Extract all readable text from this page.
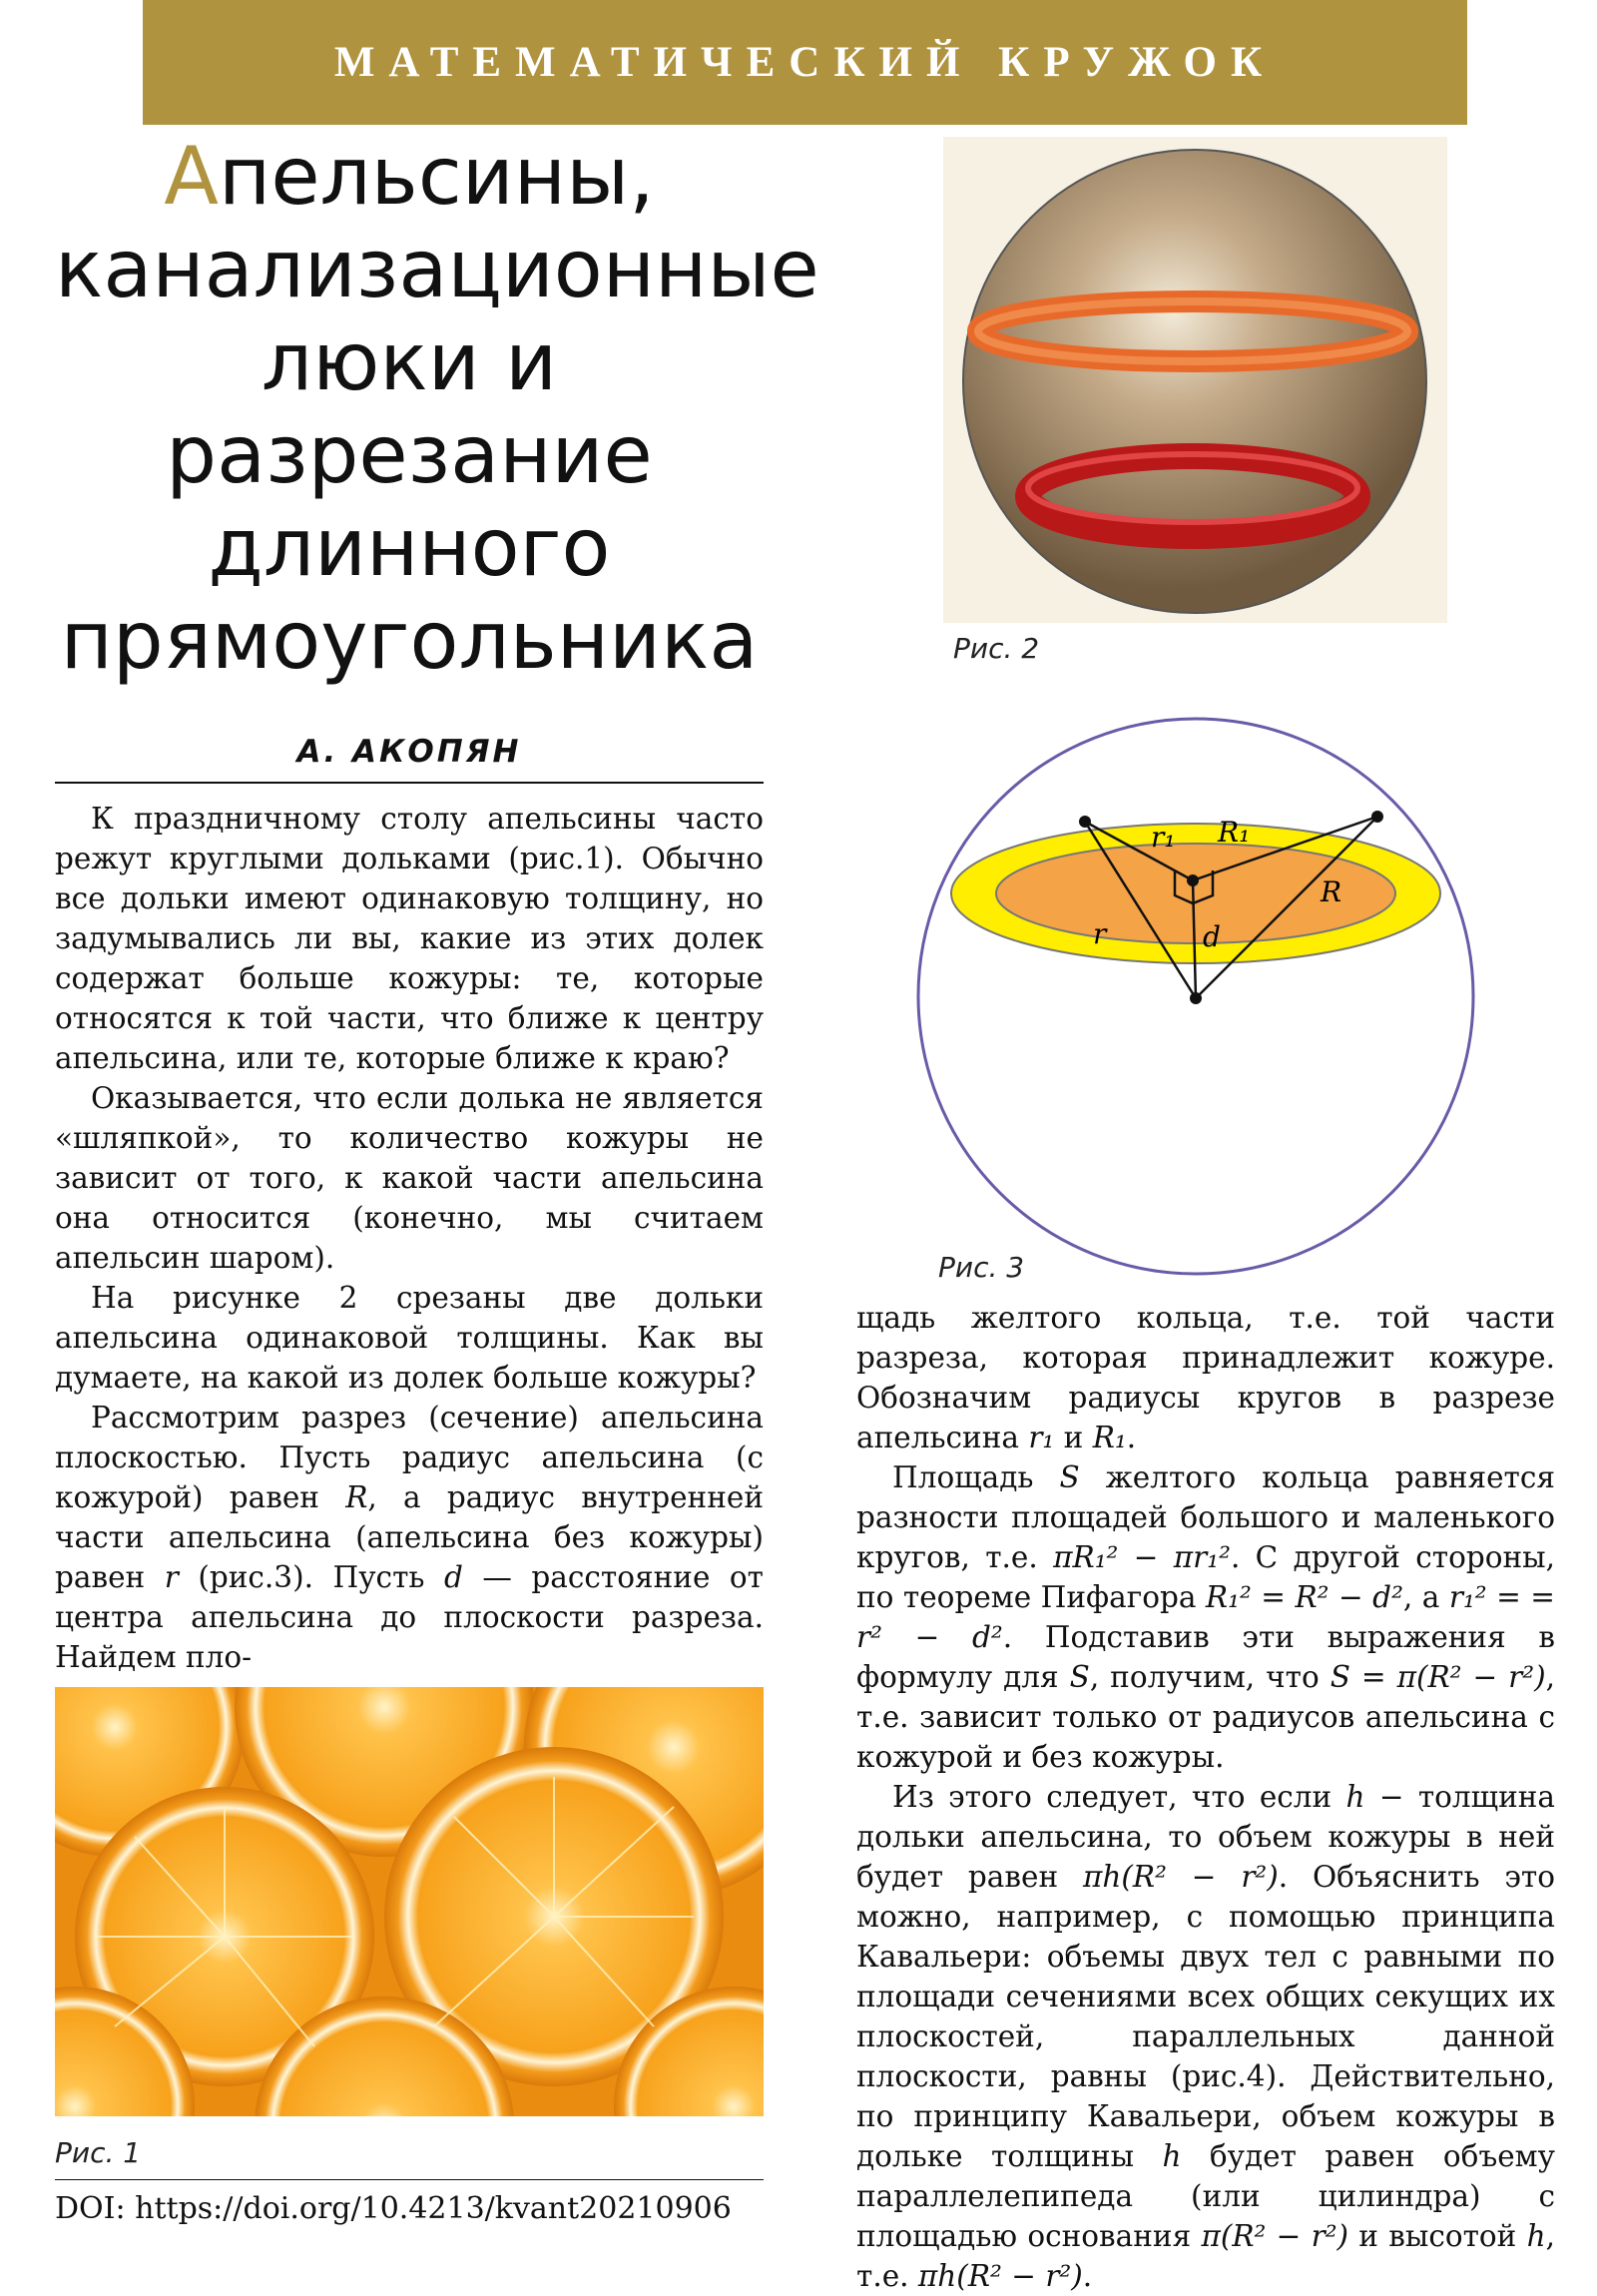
МАТЕМАТИЧЕСКИЙ КРУЖОК
Апельсины, канализационные люки и разрезание длинного прямоугольника
А. АКОПЯН

К праздничному столу апельсины часто режут круглыми дольками (рис.1). Обычно все дольки имеют одинаковую толщину, но задумывались ли вы, какие из этих долек содержат больше кожуры: те, которые относятся к той части, что ближе к центру апельсина, или те, которые ближе к краю?

Оказывается, что если долька не является «шляпкой», то количество кожуры не зависит от того, к какой части апельсина она относится (конечно, мы считаем апельсин шаром).

На рисунке 2 срезаны две дольки апельсина одинаковой толщины. Как вы думаете, на какой из долек больше кожуры?

Рассмотрим разрез (сечение) апельсина плоскостью. Пусть радиус апельсина (с кожурой) равен R, а радиус внутренней части апельсина (апельсина без кожуры) равен r (рис.3). Пусть d — расстояние от центра апельсина до плоскости разреза. Найдем пло-

Рис. 1
DOI: https://doi.org/10.4213/kvant20210906
Рис. 2
r₁ R₁
r
R
d
Рис. 3

щадь желтого кольца, т.е. той части разреза, которая принадлежит кожуре. Обозначим радиусы кругов в разрезе апельсина r₁ и R₁.

Площадь S желтого кольца равняется разности площадей большого и маленького кругов, т.е. πR₁² − πr₁². С другой стороны, по теореме Пифагора R₁² = R² − d², а r₁² = = r² − d². Подставив эти выражения в формулу для S, получим, что S = π(R² − r²), т.е. зависит только от радиусов апельсина с кожурой и без кожуры.

Из этого следует, что если h − толщина дольки апельсина, то объем кожуры в ней будет равен πh(R² − r²). Объяснить это можно, например, с помощью принципа Кавальери: объемы двух тел с равными по площади сечениями всех общих секущих их плоскостей, параллельных данной плоскости, равны (рис.4). Действительно, по принципу Кавальери, объем кожуры в дольке толщины h будет равен объему параллелепипеда (или цилиндра) с площадью основания π(R² − r²) и высотой h, т.е. πh(R² − r²).
